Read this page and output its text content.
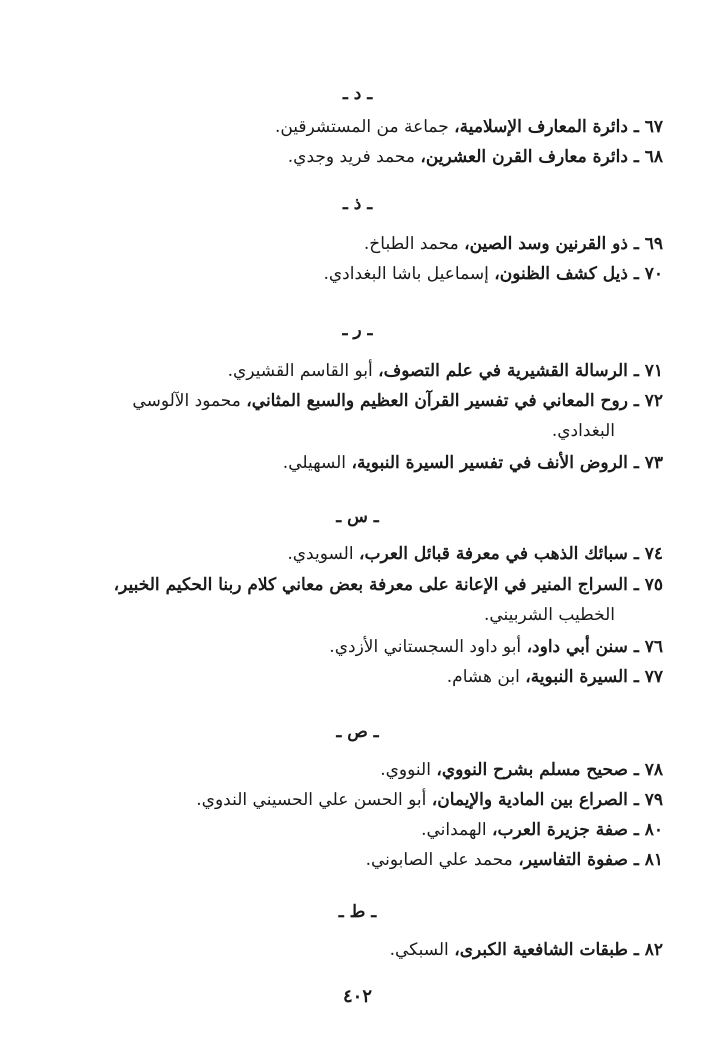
ـ د ـ
٦٧ ـ دائرة المعارف الإسلامية، جماعة من المستشرقين.
٦٨ ـ دائرة معارف القرن العشرين، محمد فريد وجدي.
ـ ذ ـ
٦٩ ـ ذو القرنين وسد الصين، محمد الطباخ.
٧٠ ـ ذيل كشف الظنون، إسماعيل باشا البغدادي.
ـ ر ـ
٧١ ـ الرسالة القشيرية في علم التصوف، أبو القاسم القشيري.
٧٢ ـ روح المعاني في تفسير القرآن العظيم والسبع المثاني، محمود الآلوسي
البغدادي.
٧٣ ـ الروض الأنف في تفسير السيرة النبوية، السهيلي.
ـ س ـ
٧٤ ـ سبائك الذهب في معرفة قبائل العرب، السويدي.
٧٥ ـ السراج المنير في الإعانة على معرفة بعض معاني كلام ربنا الحكيم الخبير،
الخطيب الشربيني.
٧٦ ـ سنن أبي داود، أبو داود السجستاني الأزدي.
٧٧ ـ السيرة النبوية، ابن هشام.
ـ ص ـ
٧٨ ـ صحيح مسلم بشرح النووي، النووي.
٧٩ ـ الصراع بين المادية والإيمان، أبو الحسن علي الحسيني الندوي.
٨٠ ـ صفة جزيرة العرب، الهمداني.
٨١ ـ صفوة التفاسير، محمد علي الصابوني.
ـ ط ـ
٨٢ ـ طبقات الشافعية الكبرى، السبكي.
٤٠٢
